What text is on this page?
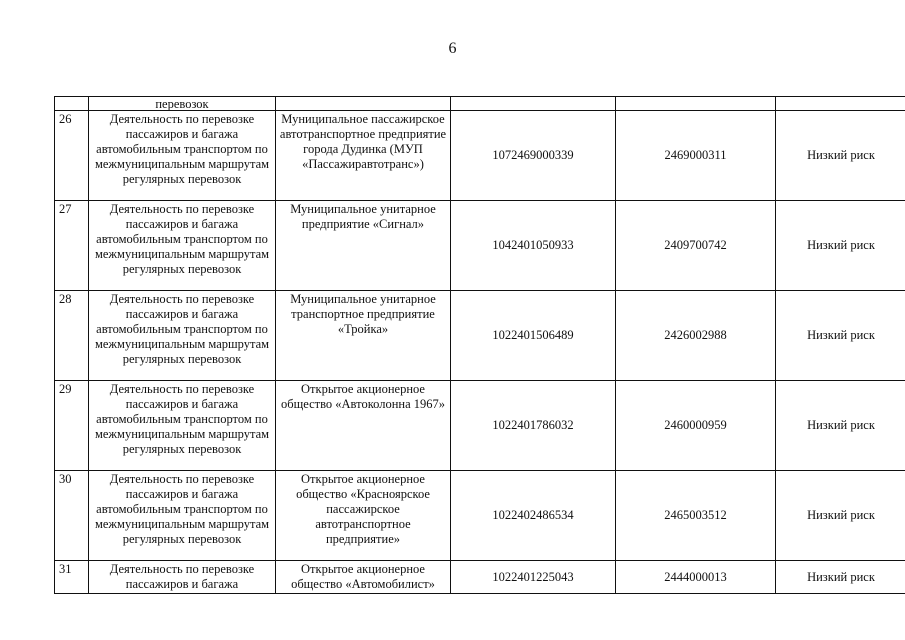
6
	перевозок				
26	Деятельность по перевозке пассажиров и багажа автомобильным транспортом по межмуниципальным маршрутам регулярных перевозок	Муниципальное пассажирское автотранспортное предприятие города Дудинка (МУП «Пассажиравтотранс»)	1072469000339	2469000311	Низкий риск
27	Деятельность по перевозке пассажиров и багажа автомобильным транспортом по межмуниципальным маршрутам регулярных перевозок	Муниципальное унитарное предприятие «Сигнал»	1042401050933	2409700742	Низкий риск
28	Деятельность по перевозке пассажиров и багажа автомобильным транспортом по межмуниципальным маршрутам регулярных перевозок	Муниципальное унитарное транспортное предприятие «Тройка»	1022401506489	2426002988	Низкий риск
29	Деятельность по перевозке пассажиров и багажа автомобильным транспортом по межмуниципальным маршрутам регулярных перевозок	Открытое акционерное общество «Автоколонна 1967»	1022401786032	2460000959	Низкий риск
30	Деятельность по перевозке пассажиров и багажа автомобильным транспортом по межмуниципальным маршрутам регулярных перевозок	Открытое акционерное общество «Красноярское пассажирское автотранспортное предприятие»	1022402486534	2465003512	Низкий риск
31	Деятельность по перевозке пассажиров и багажа	Открытое акционерное общество «Автомобилист»	1022401225043	2444000013	Низкий риск
